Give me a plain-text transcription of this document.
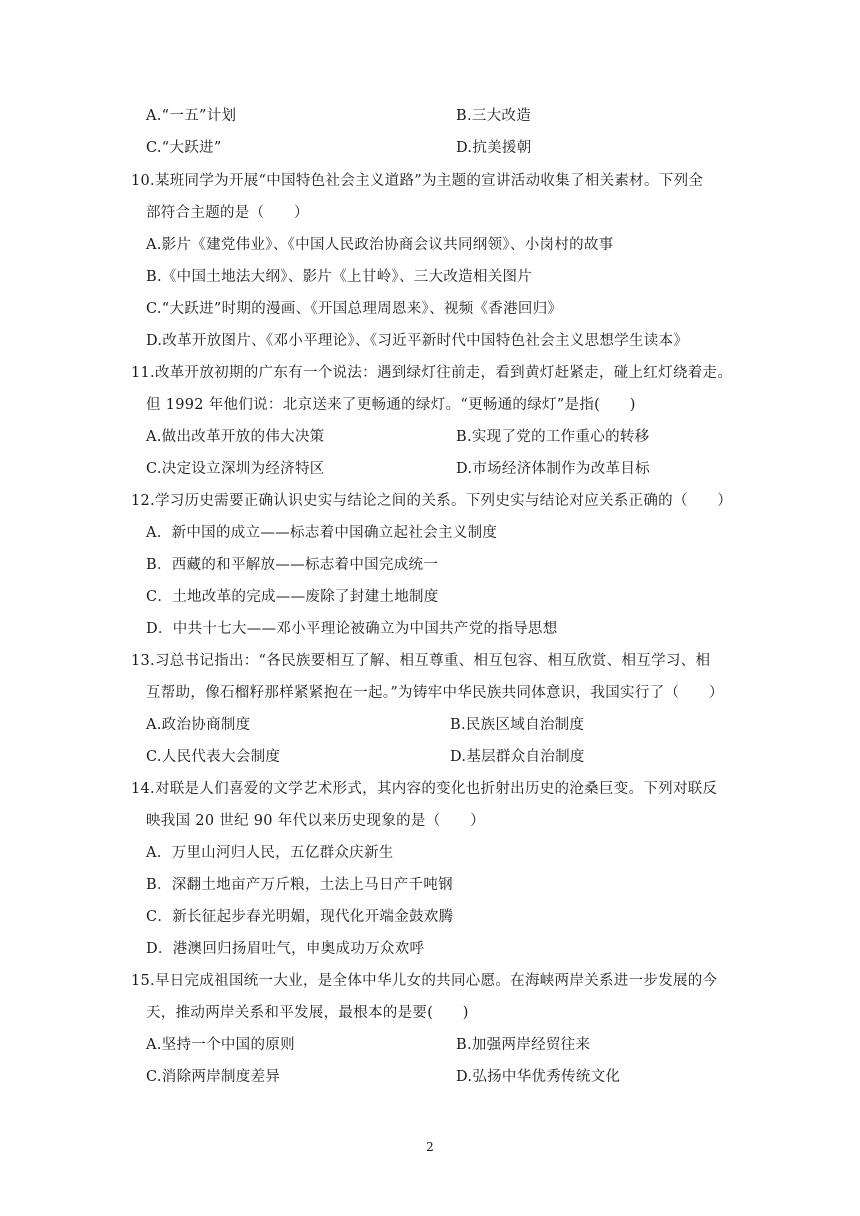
A.“一五”计划	B.三大改造
C.“大跃进”	D.抗美援朝
10.某班同学为开展“中国特色社会主义道路”为主题的宣讲活动收集了相关素材。下列全
部符合主题的是（　　）
A.影片《建党伟业》、《中国人民政治协商会议共同纲领》、小岗村的故事
B.《中国土地法大纲》、影片《上甘岭》、三大改造相关图片
C.“大跃进”时期的漫画、《开国总理周恩来》、视频《香港回归》
D.改革开放图片、《邓小平理论》、《习近平新时代中国特色社会主义思想学生读本》
11.改革开放初期的广东有一个说法：遇到绿灯往前走，看到黄灯赶紧走，碰上红灯绕着走。
但 1992 年他们说：北京送来了更畅通的绿灯。“更畅通的绿灯”是指(　　)
A.做出改革开放的伟大决策	B.实现了党的工作重心的转移
C.决定设立深圳为经济特区	D.市场经济体制作为改革目标
12.学习历史需要正确认识史实与结论之间的关系。下列史实与结论对应关系正确的（　　）
A．新中国的成立——标志着中国确立起社会主义制度
B．西藏的和平解放——标志着中国完成统一
C．土地改革的完成——废除了封建土地制度
D．中共十七大——邓小平理论被确立为中国共产党的指导思想
13.习总书记指出：“各民族要相互了解、相互尊重、相互包容、相互欣赏、相互学习、相
互帮助，像石榴籽那样紧紧抱在一起。”为铸牢中华民族共同体意识，我国实行了（　　）
A.政治协商制度	B.民族区域自治制度
C.人民代表大会制度	D.基层群众自治制度
14.对联是人们喜爱的文学艺术形式，其内容的变化也折射出历史的沧桑巨变。下列对联反
映我国 20 世纪 90 年代以来历史现象的是（　　）
A．万里山河归人民，五亿群众庆新生
B．深翻土地亩产万斤粮，土法上马日产千吨钢
C．新长征起步春光明媚，现代化开端金鼓欢腾
D．港澳回归扬眉吐气，申奥成功万众欢呼
15.早日完成祖国统一大业，是全体中华儿女的共同心愿。在海峡两岸关系进一步发展的今
天，推动两岸关系和平发展，最根本的是要(　　)
A.坚持一个中国的原则	B.加强两岸经贸往来
C.消除两岸制度差异	D.弘扬中华优秀传统文化
2
